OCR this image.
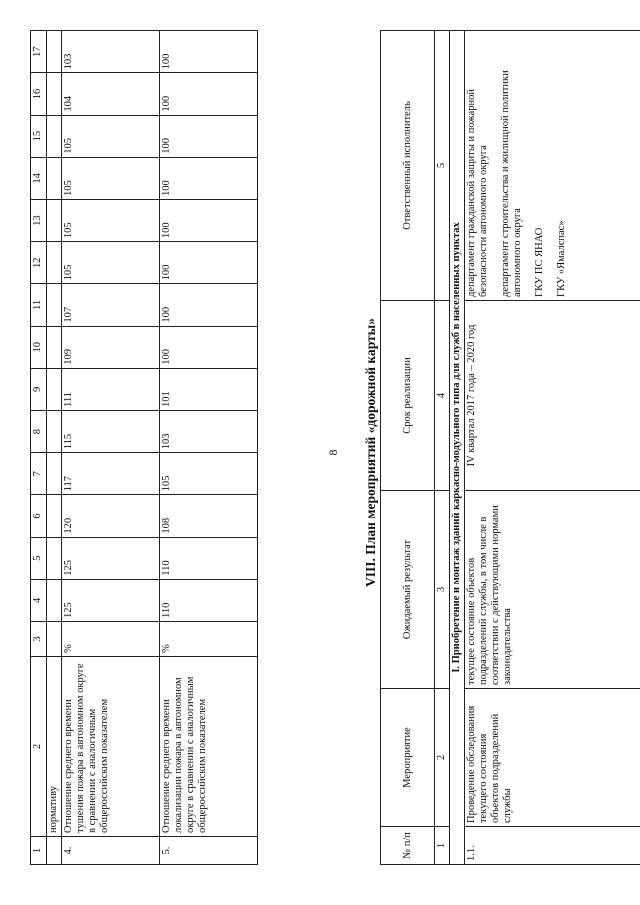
8
1	2	3	4	5	6	7	8	9	10	11	12	13	14	15	16	17
	нормативу															
4.	Отношение среднего времени тушения пожара в автономном округе в сравнении с аналогичным общероссийским показателем	%	125	125	120	117	115	111	109	107	105	105	105	105	104	103
5.	Отношение среднего времени локализации пожара в автономном округе в сравнении с аналогичным общероссийским показателем	%	110	110	108	105	103	101	100	100	100	100	100	100	100	100
VIII. План мероприятий «дорожной карты»
№ п/п	Мероприятие	Ожидаемый результат	Срок реализации	Ответственный исполнитель
1	2	3	4	5
I. Приобретение и монтаж зданий каркасно-модульного типа для служб в населенных пунктах				
1.1.	Проведение обследования текущего состояния объектов подразделений службы	текущее состояние объектов подразделений службы, в том числе в соответствии с действующими нормами законодательства	IV квартал 2017 года – 2020 год	департамент гражданской защиты и пожарной безопасности автономного округа департамент строительства и жилищной политики автономного округа ГКУ ПС ЯНАО ГКУ «Ямалспас»
